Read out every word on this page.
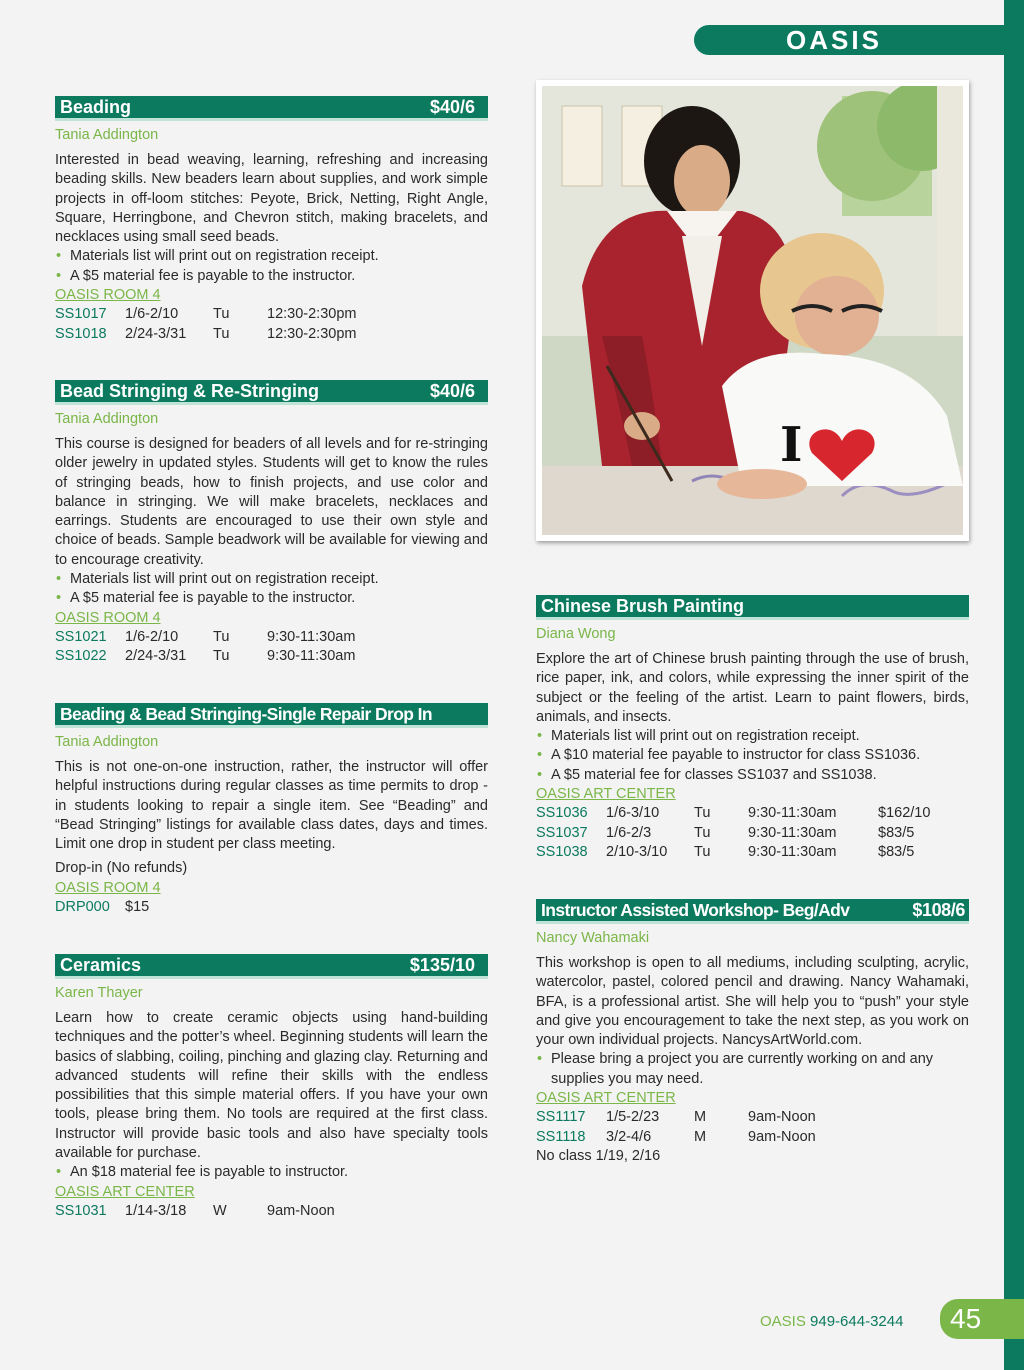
OASIS
Beading	$40/6
Tania Addington
Interested in bead weaving, learning, refreshing and increasing beading skills. New beaders learn about supplies, and work simple projects in off-loom stitches: Peyote, Brick, Netting, Right Angle, Square, Herringbone, and Chevron stitch, making bracelets, and necklaces using small seed beads.
• Materials list will print out on registration receipt.
• A $5 material fee is payable to the instructor.
OASIS ROOM 4
SS1017 1/6-2/10 Tu	12:30-2:30pm
SS1018 2/24-3/31 Tu	12:30-2:30pm
Bead Stringing & Re-Stringing	$40/6
Tania Addington
This course is designed for beaders of all levels and for re-stringing older jewelry in updated styles. Students will get to know the rules of stringing beads, how to finish projects, and use color and balance in stringing. We will make bracelets, necklaces and earrings. Students are encouraged to use their own style and choice of beads. Sample beadwork will be available for viewing and to encourage creativity.
• Materials list will print out on registration receipt.
• A $5 material fee is payable to the instructor.
OASIS ROOM 4
SS1021 1/6-2/10 Tu	9:30-11:30am
SS1022 2/24-3/31 Tu	9:30-11:30am
Beading & Bead Stringing-Single Repair Drop In
Tania Addington
This is not one-on-one instruction, rather, the instructor will offer helpful instructions during regular classes as time permits to drop -in students looking to repair a single item. See “Beading” and “Bead Stringing” listings for available class dates, days and times. Limit one drop in student per class meeting.
Drop-in (No refunds)
OASIS ROOM 4
DRP000 $15
Ceramics	$135/10
Karen Thayer
Learn how to create ceramic objects using hand-building techniques and the potter’s wheel. Beginning students will learn the basics of slabbing, coiling, pinching and glazing clay. Returning and advanced students will refine their skills with the endless possibilities that this simple material offers. If you have your own tools, please bring them. No tools are required at the first class. Instructor will provide basic tools and also have specialty tools available for purchase.
• An $18 material fee is payable to instructor.
OASIS ART CENTER
SS1031 1/14-3/18 W	9am-Noon
I
Chinese Brush Painting
Diana Wong
Explore the art of Chinese brush painting through the use of brush, rice paper, ink, and colors, while expressing the inner spirit of the subject or the feeling of the artist. Learn to paint flowers, birds, animals, and insects.
• Materials list will print out on registration receipt.
• A $10 material fee payable to instructor for class SS1036.
• A $5 material fee for classes SS1037 and SS1038.
OASIS ART CENTER
SS1036 1/6-3/10 Tu	9:30-11:30am	$162/10
SS1037 1/6-2/3	Tu	9:30-11:30am	$83/5
SS1038 2/10-3/10 Tu	9:30-11:30am	$83/5
Instructor Assisted Workshop- Beg/Adv	$108/6
Nancy Wahamaki
This workshop is open to all mediums, including sculpting, acrylic, watercolor, pastel, colored pencil and drawing. Nancy Wahamaki, BFA, is a professional artist. She will help you to “push” your style and give you encouragement to take the next step, as you work on your own individual projects. NancysArtWorld.com.
• Please bring a project you are currently working on and any supplies you may need.
OASIS ART CENTER
SS1117 1/5-2/23 M	9am-Noon
SS1118 3/2-4/6	M	9am-Noon
No class 1/19, 2/16
OASIS 949-644-3244	45
